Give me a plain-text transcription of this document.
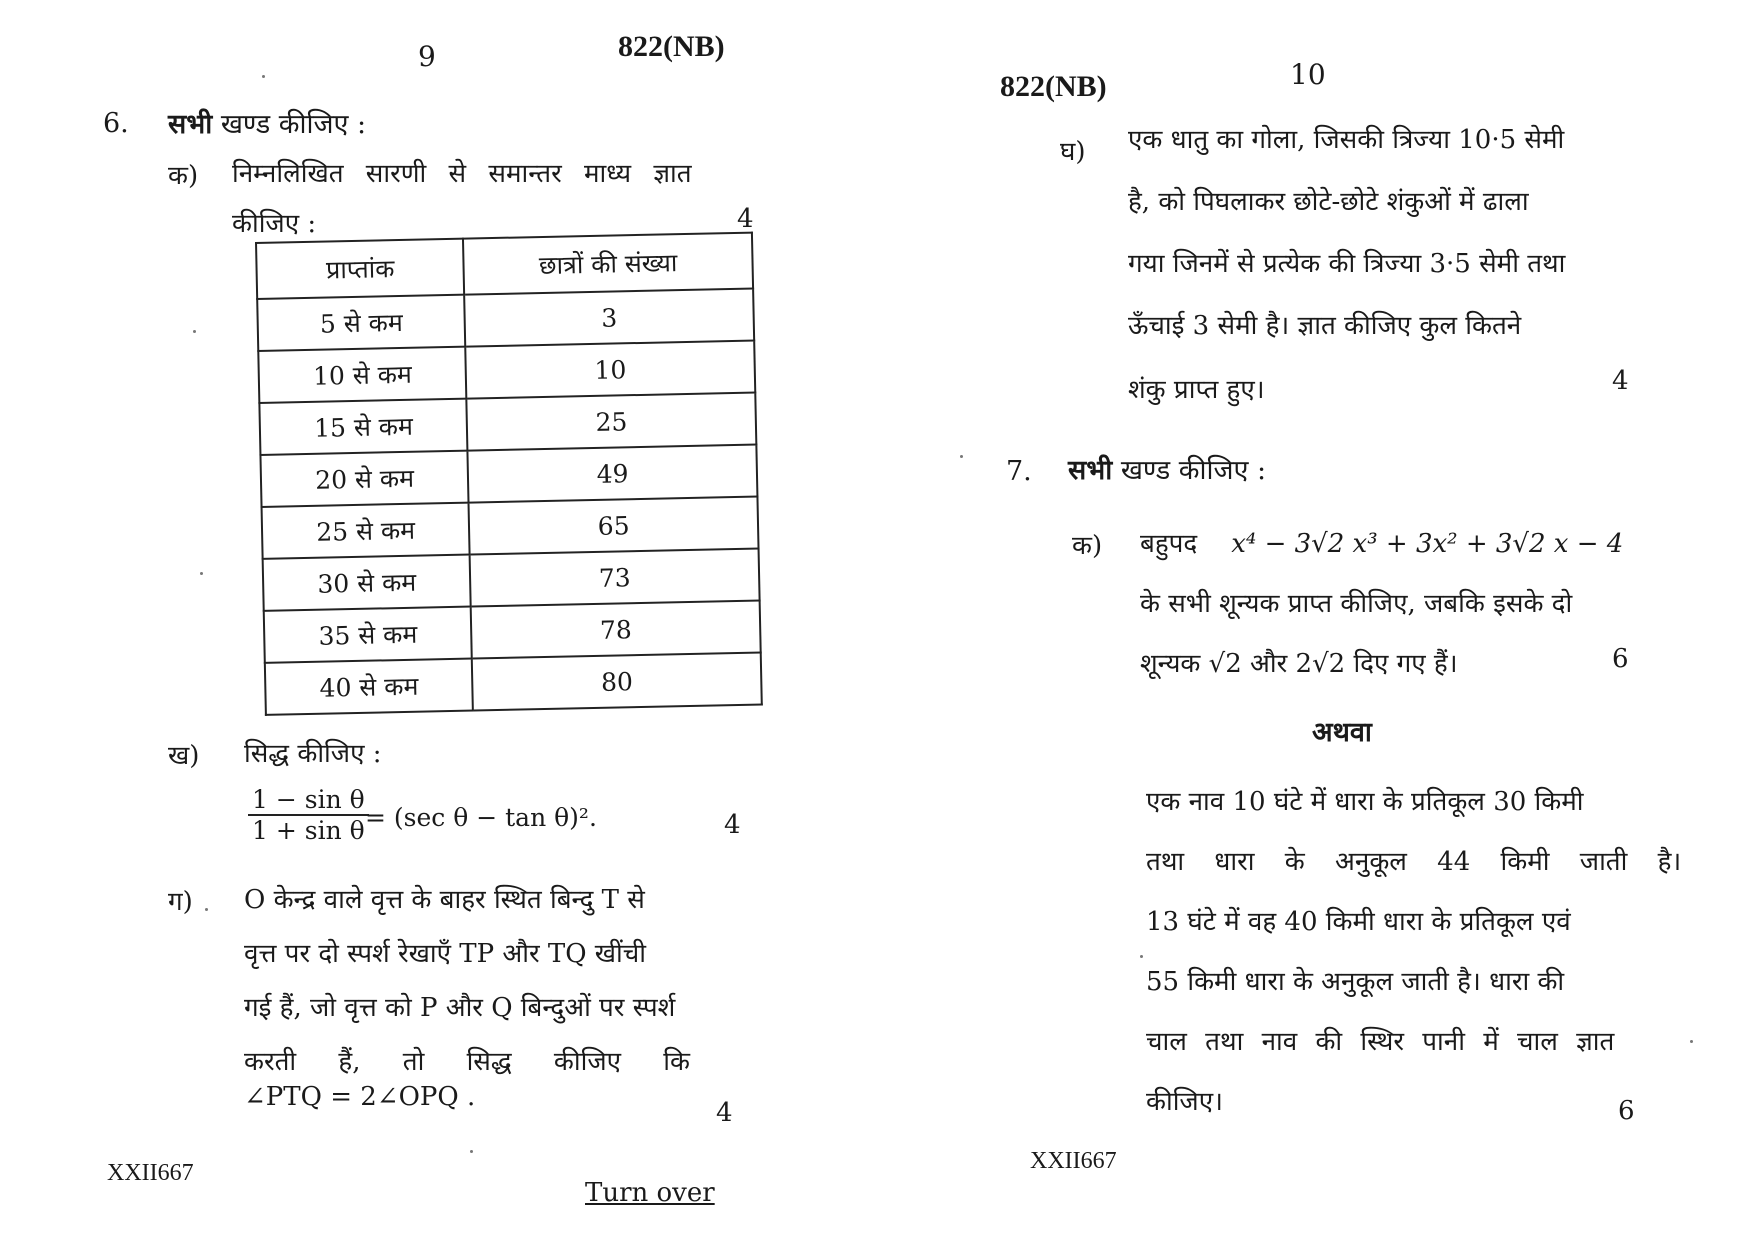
9	822(NB)
6. सभी खण्ड कीजिए :
क) निम्नलिखित सारणी से समान्तर माध्य ज्ञात
कीजिए :	4
प्राप्तांक	छात्रों की संख्या
5 से कम	3
10 से कम	10
15 से कम	25
20 से कम	49
25 से कम	65
30 से कम	73
35 से कम	78
40 से कम	80
ख) सिद्ध कीजिए :
$\frac{\text{1 − sin θ}}{\text{1 + sin θ}}$
= (sec θ − tan θ)².	4
ग) O केन्द्र वाले वृत्त के बाहर स्थित बिन्दु T से
वृत्त पर दो स्पर्श रेखाएँ TP और TQ खींची
गई हैं, जो वृत्त को P और Q बिन्दुओं पर स्पर्श
करती हैं, तो सिद्ध कीजिए कि
∠PTQ = 2∠OPQ .
4
XXII667
Turn over
822(NB)	10
घ) एक धातु का गोला, जिसकी त्रिज्या 10·5 सेमी
है, को पिघलाकर छोटे-छोटे शंकुओं में ढाला
गया जिनमें से प्रत्येक की त्रिज्या 3·5 सेमी तथा
ऊँचाई 3 सेमी है। ज्ञात कीजिए कुल कितने
शंकु प्राप्त हुए।	4
7. सभी खण्ड कीजिए :
क) बहुपद x⁴ − 3√2 x³ + 3x² + 3√2 x − 4
के सभी शून्यक प्राप्त कीजिए, जबकि इसके दो
शून्यक √2 और 2√2 दिए गए हैं।	6
अथवा
एक नाव 10 घंटे में धारा के प्रतिकूल 30 किमी
तथा धारा के अनुकूल 44 किमी जाती है।
13 घंटे में वह 40 किमी धारा के प्रतिकूल एवं
55 किमी धारा के अनुकूल जाती है। धारा की
चाल तथा नाव की स्थिर पानी में चाल ज्ञात
कीजिए।	6
XXII667
